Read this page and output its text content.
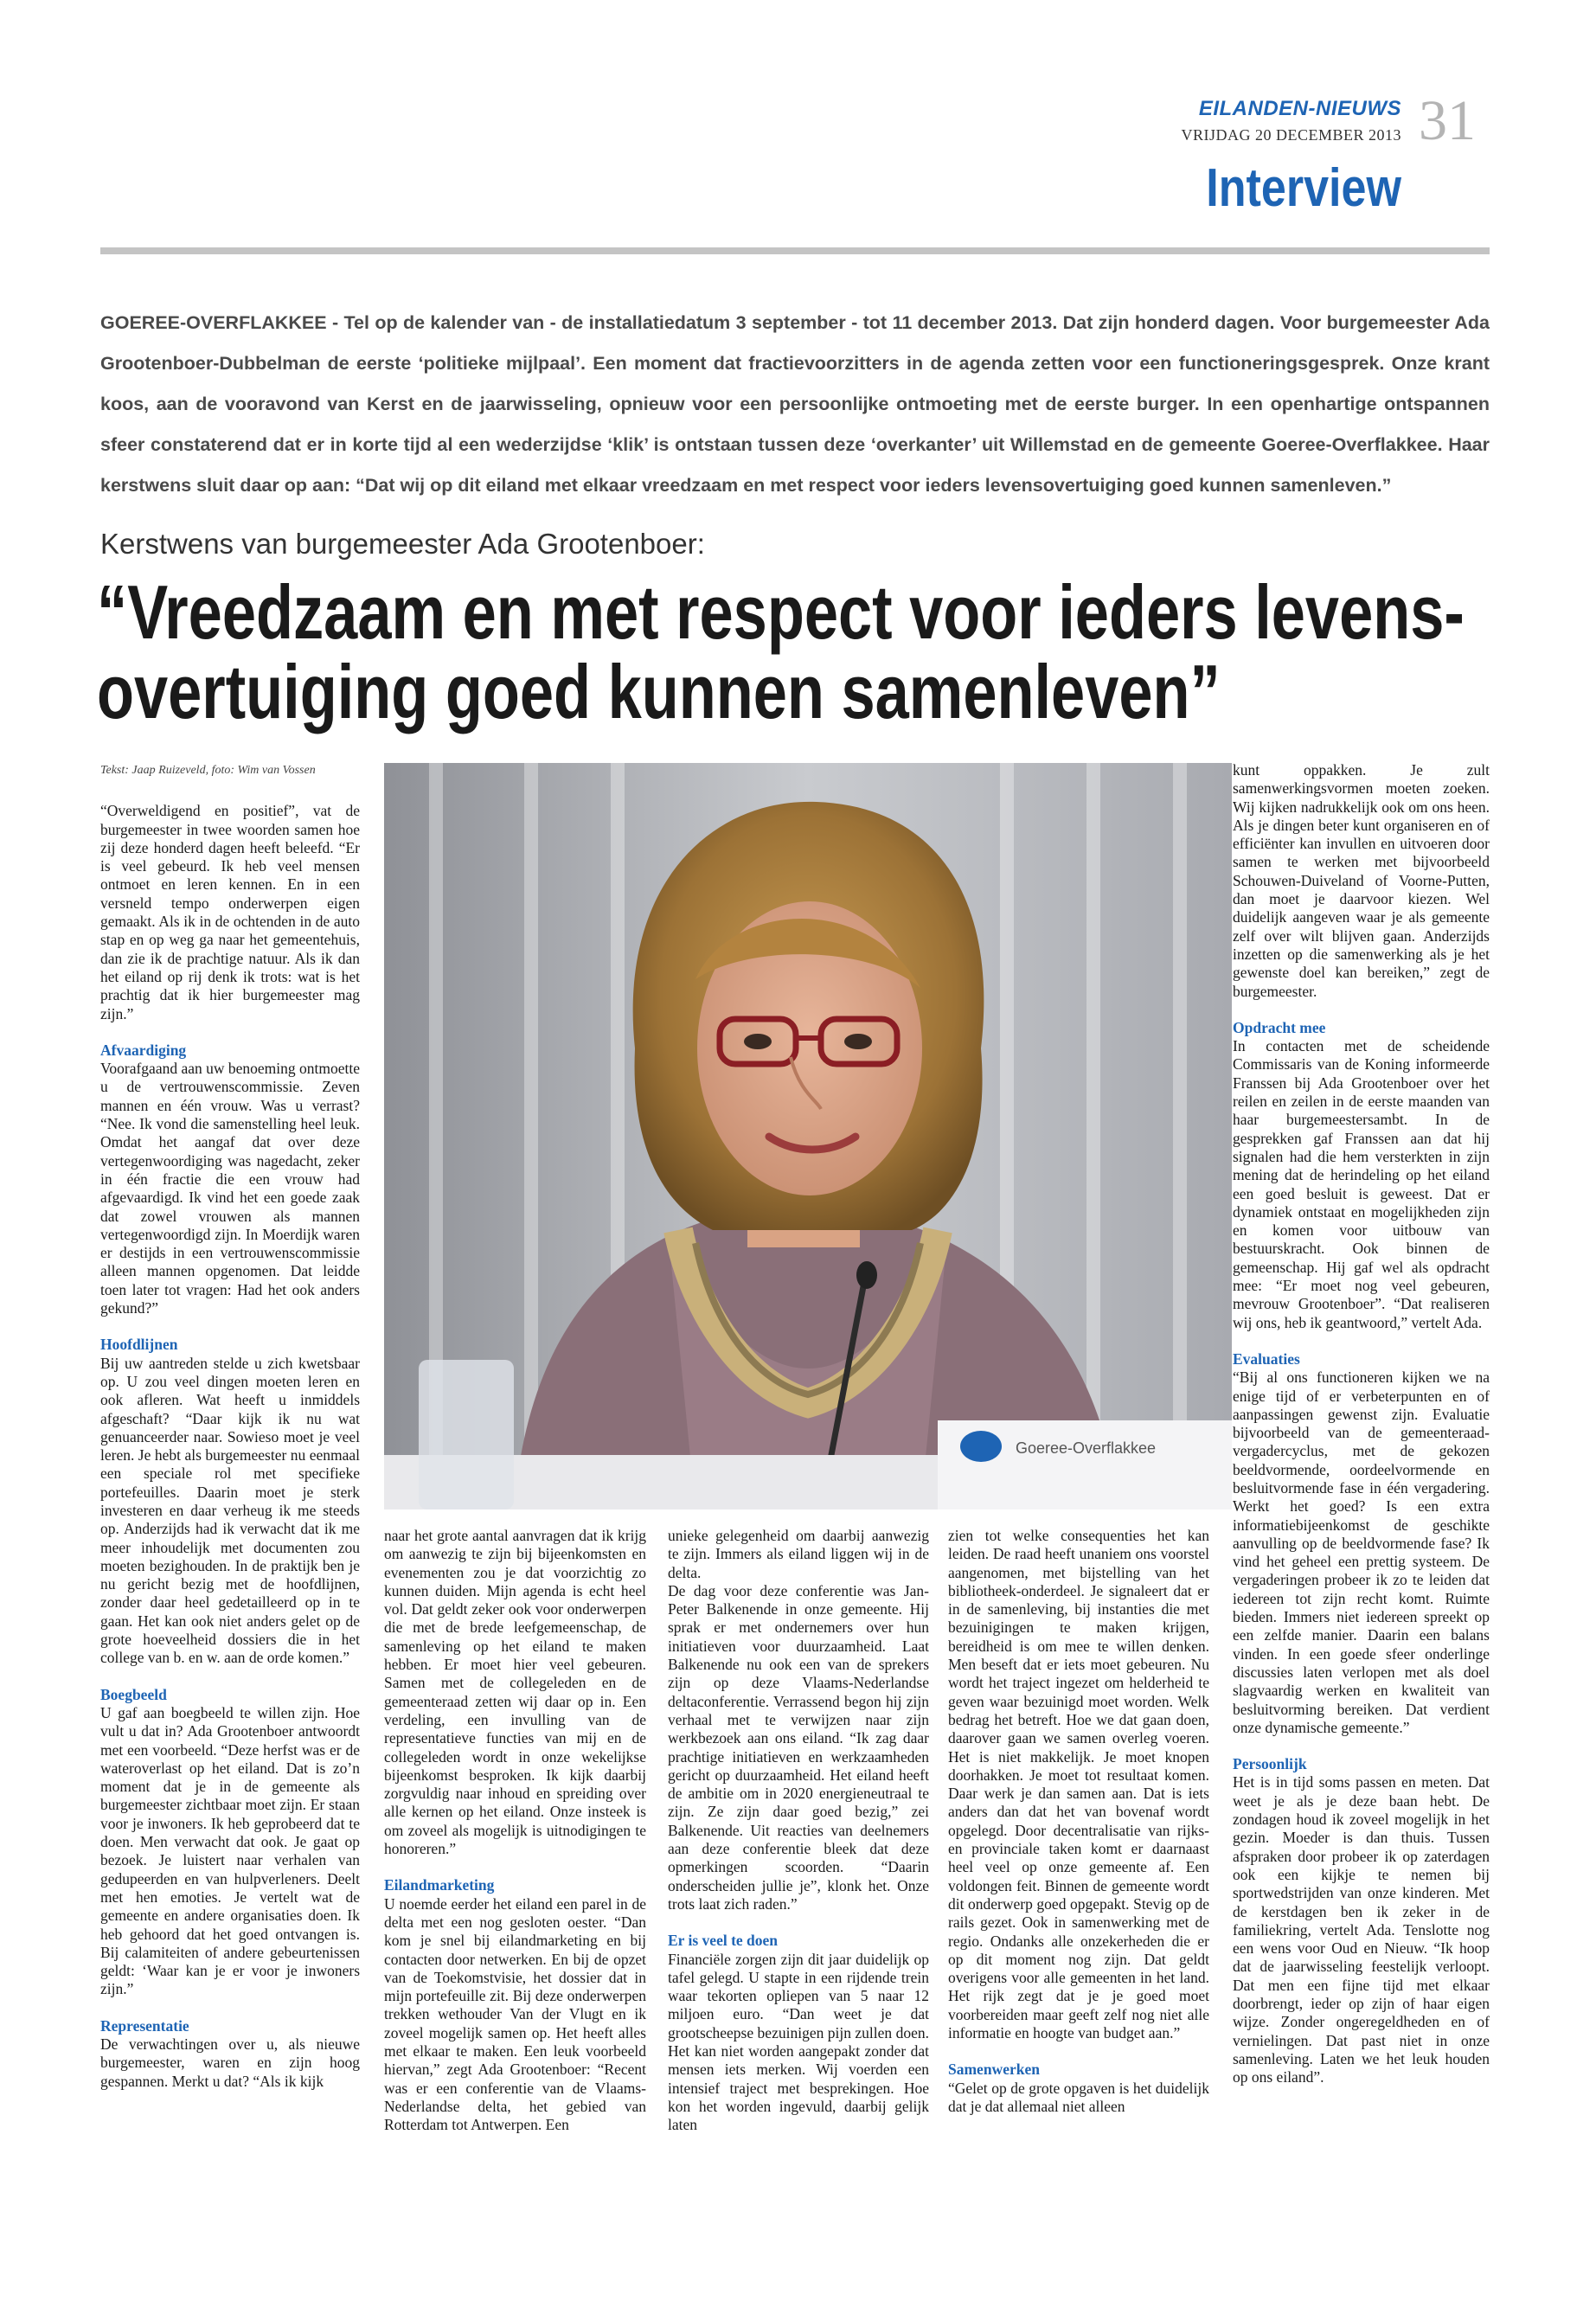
EILANDEN-NIEUWS
VRIJDAG 20 DECEMBER 2013 31
Interview
GOEREE-OVERFLAKKEE - Tel op de kalender van - de installatiedatum 3 september - tot 11 december 2013. Dat zijn honderd dagen. Voor burgemeester Ada Grootenboer-Dubbelman de eerste ‘politieke mijlpaal’. Een moment dat fractievoorzitters in de agenda zetten voor een functioneringsgesprek. Onze krant koos, aan de vooravond van Kerst en de jaarwisseling, opnieuw voor een persoonlijke ontmoeting met de eerste burger. In een openhartige ontspannen sfeer constaterend dat er in korte tijd al een wederzijdse ‘klik’ is ontstaan tussen deze ‘overkanter’ uit Willemstad en de gemeente Goeree-Overflakkee. Haar kerstwens sluit daar op aan: “Dat wij op dit eiland met elkaar vreedzaam en met respect voor ieders levensovertuiging goed kunnen samenleven.”
Kerstwens van burgemeester Ada Grootenboer:
“Vreedzaam en met respect voor ieders levens-
overtuiging goed kunnen samenleven”
Goeree-Overflakkee
Tekst: Jaap Ruizeveld, foto: Wim van Vossen

“Overweldigend en positief”, vat de burgemeester in twee woorden samen hoe zij deze honderd dagen heeft beleefd. “Er is veel gebeurd. Ik heb veel mensen ontmoet en leren kennen. En in een versneld tempo onderwerpen eigen gemaakt. Als ik in de ochtenden in de auto stap en op weg ga naar het gemeentehuis, dan zie ik de prachtige natuur. Als ik dan het eiland op rij denk ik trots: wat is het prachtig dat ik hier burgemeester mag zijn.”

Afvaardiging

Voorafgaand aan uw benoeming ontmoette u de vertrouwenscommissie. Zeven mannen en één vrouw. Was u verrast? “Nee. Ik vond die samenstelling heel leuk. Omdat het aangaf dat over deze vertegenwoordiging was nagedacht, zeker in één fractie die een vrouw had afgevaardigd. Ik vind het een goede zaak dat zowel vrouwen als mannen vertegenwoordigd zijn. In Moerdijk waren er destijds in een vertrouwenscommissie alleen mannen opgenomen. Dat leidde toen later tot vragen: Had het ook anders gekund?”

Hoofdlijnen

Bij uw aantreden stelde u zich kwetsbaar op. U zou veel dingen moeten leren en ook afleren. Wat heeft u inmiddels afgeschaft? “Daar kijk ik nu wat genuanceerder naar. Sowieso moet je veel leren. Je hebt als burgemeester nu eenmaal een speciale rol met specifieke portefeuilles. Daarin moet je sterk investeren en daar verheug ik me steeds op. Anderzijds had ik verwacht dat ik me meer inhoudelijk met documenten zou moeten bezighouden. In de praktijk ben je nu gericht bezig met de hoofdlijnen, zonder daar heel gedetailleerd op in te gaan. Het kan ook niet anders gelet op de grote hoeveelheid dossiers die in het college van b. en w. aan de orde komen.”

Boegbeeld

U gaf aan boegbeeld te willen zijn. Hoe vult u dat in? Ada Grootenboer antwoordt met een voorbeeld. “Deze herfst was er de wateroverlast op het eiland. Dat is zo’n moment dat je in de gemeente als burgemeester zichtbaar moet zijn. Er staan voor je inwoners. Ik heb geprobeerd dat te doen. Men verwacht dat ook. Je gaat op bezoek. Je luistert naar verhalen van gedupeerden en van hulpverleners. Deelt met hen emoties. Je vertelt wat de gemeente en andere organisaties doen. Ik heb gehoord dat het goed ontvangen is. Bij calamiteiten of andere gebeurtenissen geldt: ‘Waar kan je er voor je inwoners zijn.”

Representatie

De verwachtingen over u, als nieuwe burgemeester, waren en zijn hoog gespannen. Merkt u dat? “Als ik kijk

naar het grote aantal aanvragen dat ik krijg om aanwezig te zijn bij bijeenkomsten en evenementen zou je dat voorzichtig zo kunnen duiden. Mijn agenda is echt heel vol. Dat geldt zeker ook voor onderwerpen die met de brede leefgemeenschap, de samenleving op het eiland te maken hebben. Er moet hier veel gebeuren. Samen met de collegeleden en de gemeenteraad zetten wij daar op in. Een verdeling, een invulling van de representatieve functies van mij en de collegeleden wordt in onze wekelijkse bijeenkomst besproken. Ik kijk daarbij zorgvuldig naar inhoud en spreiding over alle kernen op het eiland. Onze insteek is om zoveel als mogelijk is uitnodigingen te honoreren.”

Eilandmarketing

U noemde eerder het eiland een parel in de delta met een nog gesloten oester. “Dan kom je snel bij eilandmarketing en bij contacten door netwerken. En bij de opzet van de Toekomstvisie, het dossier dat in mijn portefeuille zit. Bij deze onderwerpen trekken wethouder Van der Vlugt en ik zoveel mogelijk samen op. Het heeft alles met elkaar te maken. Een leuk voorbeeld hiervan,” zegt Ada Grootenboer: “Recent was er een conferentie van de Vlaams-Nederlandse delta, het gebied van Rotterdam tot Antwerpen. Een

unieke gelegenheid om daarbij aanwezig te zijn. Immers als eiland liggen wij in de delta.

De dag voor deze conferentie was Jan-Peter Balkenende in onze gemeente. Hij sprak er met ondernemers over hun initiatieven voor duurzaamheid. Laat Balkenende nu ook een van de sprekers zijn op deze Vlaams-Nederlandse deltaconferentie. Verrassend begon hij zijn verhaal met te verwijzen naar zijn werkbezoek aan ons eiland. “Ik zag daar prachtige initiatieven en werkzaamheden gericht op duurzaamheid. Het eiland heeft de ambitie om in 2020 energieneutraal te zijn. Ze zijn daar goed bezig,” zei Balkenende. Uit reacties van deelnemers aan deze conferentie bleek dat deze opmerkingen scoorden. “Daarin onderscheiden jullie je”, klonk het. Onze trots laat zich raden.”

Er is veel te doen

Financiële zorgen zijn dit jaar duidelijk op tafel gelegd. U stapte in een rijdende trein waar tekorten opliepen van 5 naar 12 miljoen euro. “Dan weet je dat grootscheepse bezuinigen pijn zullen doen. Het kan niet worden aangepakt zonder dat mensen iets merken. Wij voerden een intensief traject met besprekingen. Hoe kon het worden ingevuld, daarbij gelijk laten

zien tot welke consequenties het kan leiden. De raad heeft unaniem ons voorstel aangenomen, met bijstelling van het bibliotheek-onderdeel. Je signaleert dat er in de samenleving, bij instanties die met bezuinigingen te maken krijgen, bereidheid is om mee te willen denken. Men beseft dat er iets moet gebeuren. Nu wordt het traject ingezet om helderheid te geven waar bezuinigd moet worden. Welk bedrag het betreft. Hoe we dat gaan doen, daarover gaan we samen overleg voeren. Het is niet makkelijk. Je moet knopen doorhakken. Je moet tot resultaat komen. Daar werk je dan samen aan. Dat is iets anders dan dat het van bovenaf wordt opgelegd. Door decentralisatie van rijks- en provinciale taken komt er daarnaast heel veel op onze gemeente af. Een voldongen feit. Binnen de gemeente wordt dit onderwerp goed opgepakt. Stevig op de rails gezet. Ook in samenwerking met de regio. Ondanks alle onzekerheden die er op dit moment nog zijn. Dat geldt overigens voor alle gemeenten in het land. Het rijk zegt dat je je goed moet voorbereiden maar geeft zelf nog niet alle informatie en hoogte van budget aan.”

Samenwerken

“Gelet op de grote opgaven is het duidelijk dat je dat allemaal niet alleen

kunt oppakken. Je zult samenwerkingsvormen moeten zoeken. Wij kijken nadrukkelijk ook om ons heen. Als je dingen beter kunt organiseren en of efficiënter kan invullen en uitvoeren door samen te werken met bijvoorbeeld Schouwen-Duiveland of Voorne-Putten, dan moet je daarvoor kiezen. Wel duidelijk aangeven waar je als gemeente zelf over wilt blijven gaan. Anderzijds inzetten op die samenwerking als je het gewenste doel kan bereiken,” zegt de burgemeester.

Opdracht mee

In contacten met de scheidende Commissaris van de Koning informeerde Franssen bij Ada Grootenboer over het reilen en zeilen in de eerste maanden van haar burgemeestersambt. In de gesprekken gaf Franssen aan dat hij signalen had die hem versterkten in zijn mening dat de herindeling op het eiland een goed besluit is geweest. Dat er dynamiek ontstaat en mogelijkheden zijn en komen voor uitbouw van bestuurskracht. Ook binnen de gemeenschap. Hij gaf wel als opdracht mee: “Er moet nog veel gebeuren, mevrouw Grootenboer”. “Dat realiseren wij ons, heb ik geantwoord,” vertelt Ada.

Evaluaties

“Bij al ons functioneren kijken we na enige tijd of er verbeterpunten en of aanpassingen gewenst zijn. Evaluatie bijvoorbeeld van de gemeenteraad- vergadercyclus, met de gekozen beeldvormende, oordeelvormende en besluitvormende fase in één vergadering. Werkt het goed? Is een extra informatiebijeenkomst de geschikte aanvulling op de beeldvormende fase? Ik vind het geheel een prettig systeem. De vergaderingen probeer ik zo te leiden dat iedereen tot zijn recht komt. Ruimte bieden. Immers niet iedereen spreekt op een zelfde manier. Daarin een balans vinden. In een goede sfeer onderlinge discussies laten verlopen met als doel slagvaardig werken en kwaliteit van besluitvorming bereiken. Dat verdient onze dynamische gemeente.”

Persoonlijk

Het is in tijd soms passen en meten. Dat weet je als je deze baan hebt. De zondagen houd ik zoveel mogelijk in het gezin. Moeder is dan thuis. Tussen afspraken door probeer ik op zaterdagen ook een kijkje te nemen bij sportwedstrijden van onze kinderen. Met de kerstdagen ben ik zeker in de familiekring, vertelt Ada. Tenslotte nog een wens voor Oud en Nieuw. “Ik hoop dat de jaarwisseling feestelijk verloopt. Dat men een fijne tijd met elkaar doorbrengt, ieder op zijn of haar eigen wijze. Zonder ongeregeldheden en of vernielingen. Dat past niet in onze samenleving. Laten we het leuk houden op ons eiland”.
